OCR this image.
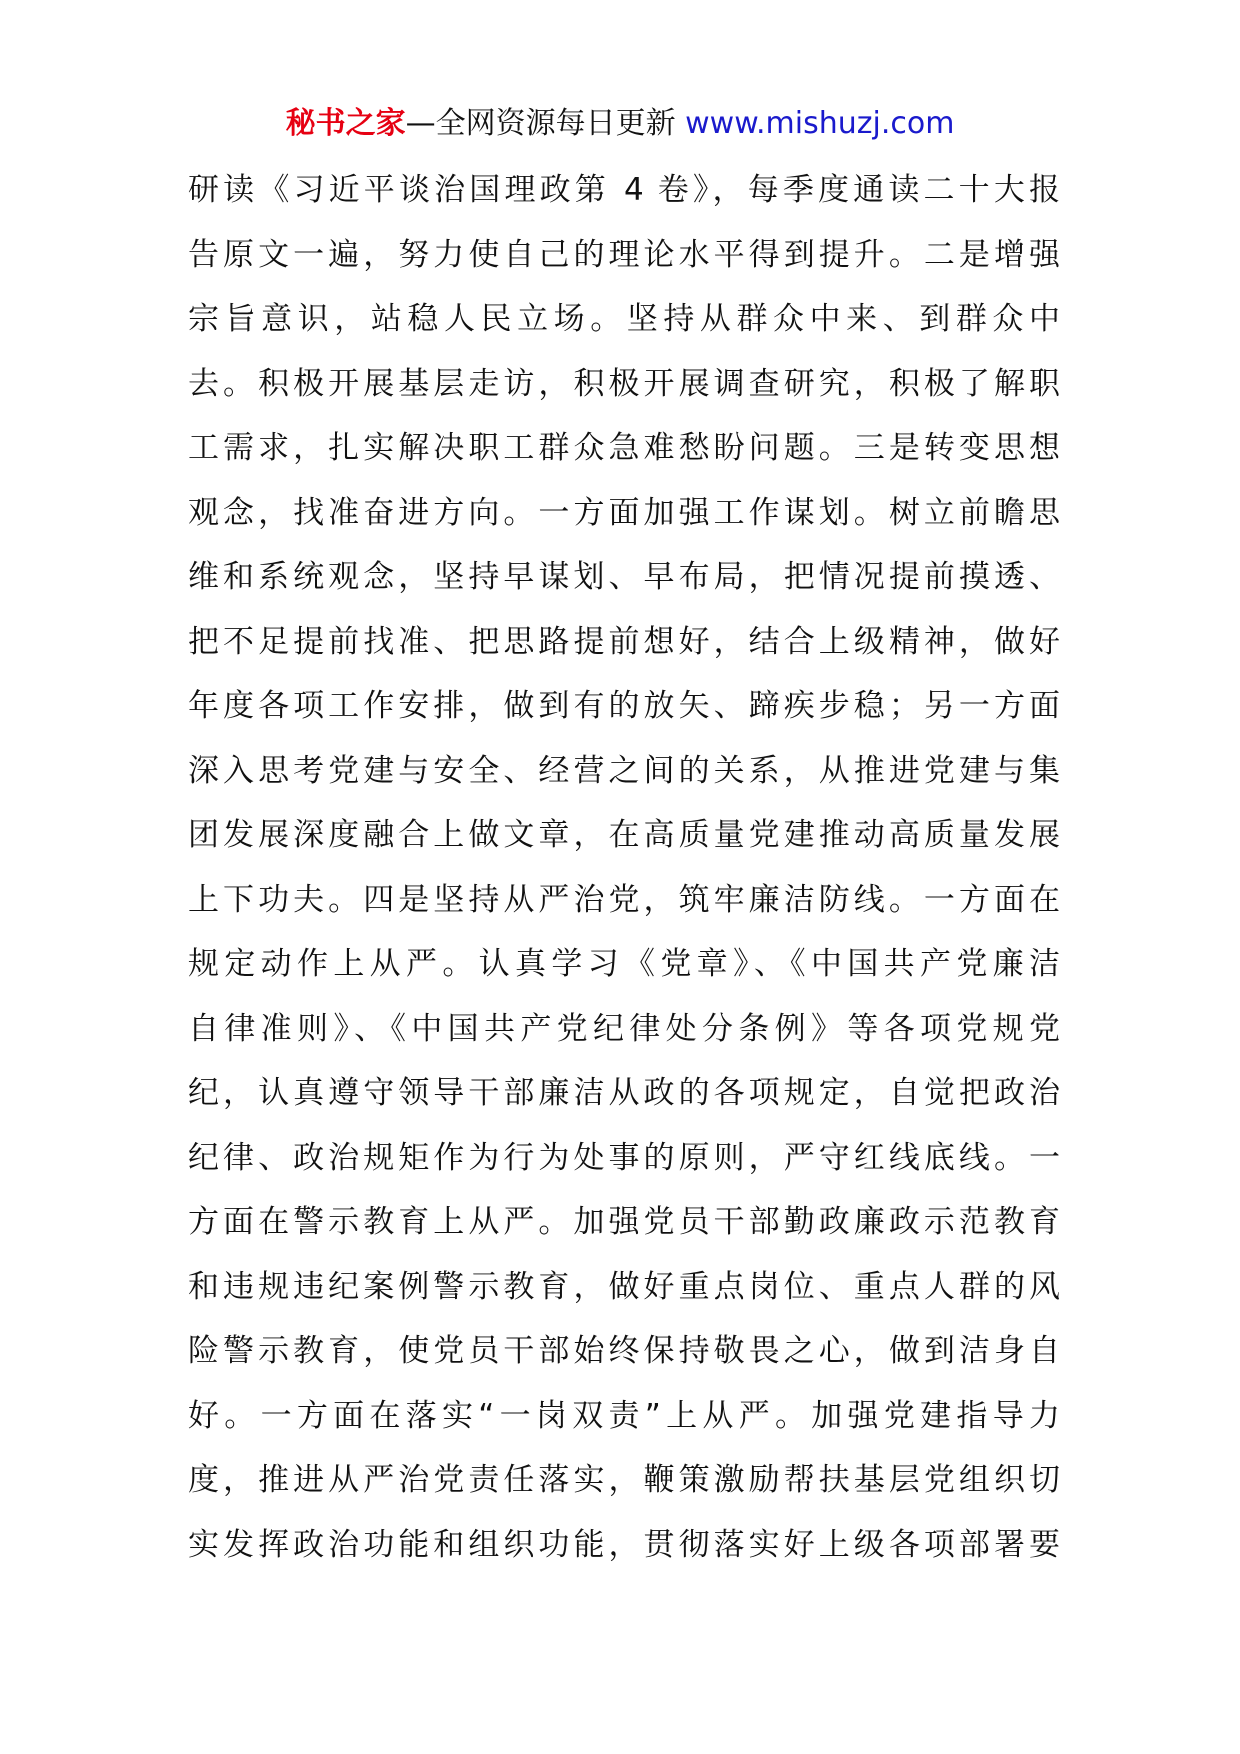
秘书之家—全网资源每日更新 www.mishuzj.com
研读《习近平谈治国理政第 4 卷》，每季度通读二十大报
告原文一遍，努力使自己的理论水平得到提升。二是增强
宗旨意识，站稳人民立场。坚持从群众中来、到群众中
去。积极开展基层走访，积极开展调查研究，积极了解职
工需求，扎实解决职工群众急难愁盼问题。三是转变思想
观念，找准奋进方向。一方面加强工作谋划。树立前瞻思
维和系统观念，坚持早谋划、早布局，把情况提前摸透、
把不足提前找准、把思路提前想好，结合上级精神，做好
年度各项工作安排，做到有的放矢、蹄疾步稳；另一方面
深入思考党建与安全、经营之间的关系，从推进党建与集
团发展深度融合上做文章，在高质量党建推动高质量发展
上下功夫。四是坚持从严治党，筑牢廉洁防线。一方面在
规定动作上从严。认真学习《党章》、《中国共产党廉洁
自律准则》、《中国共产党纪律处分条例》等各项党规党
纪，认真遵守领导干部廉洁从政的各项规定，自觉把政治
纪律、政治规矩作为行为处事的原则，严守红线底线。一
方面在警示教育上从严。加强党员干部勤政廉政示范教育
和违规违纪案例警示教育，做好重点岗位、重点人群的风
险警示教育，使党员干部始终保持敬畏之心，做到洁身自
好。一方面在落实“一岗双责”上从严。加强党建指导力
度，推进从严治党责任落实，鞭策激励帮扶基层党组织切
实发挥政治功能和组织功能，贯彻落实好上级各项部署要
